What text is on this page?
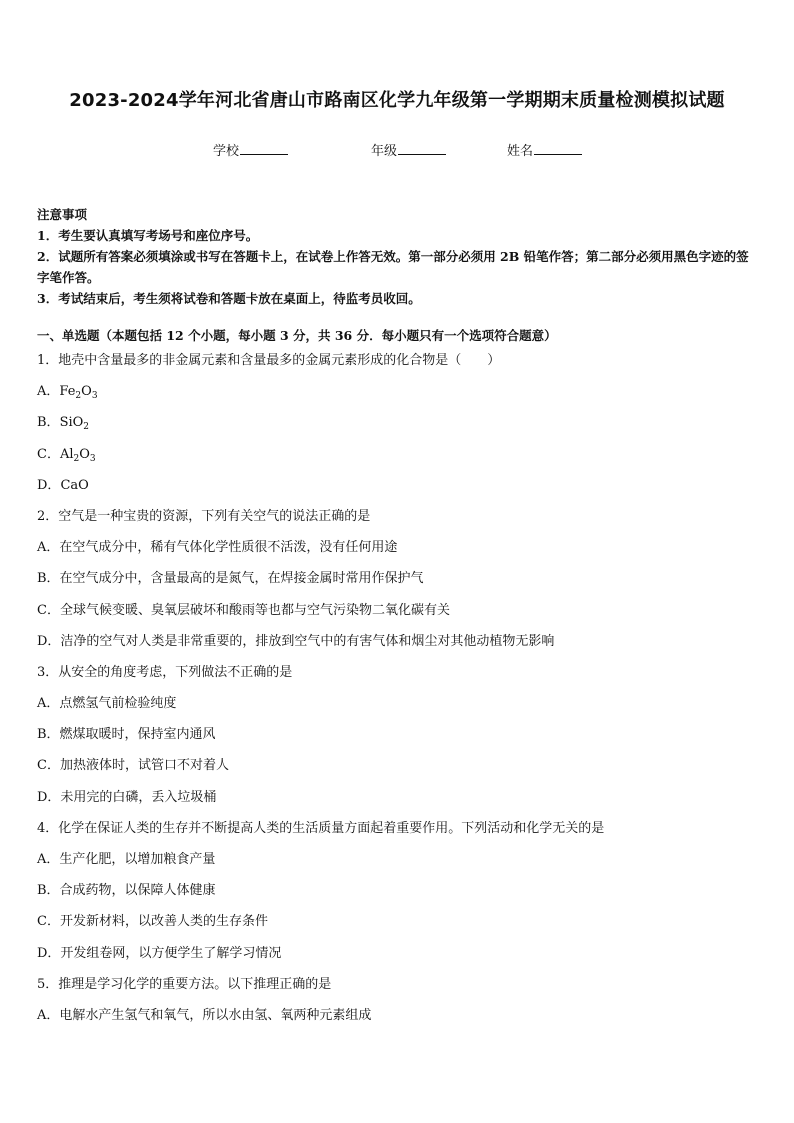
2023-2024学年河北省唐山市路南区化学九年级第一学期期末质量检测模拟试题
学校	年级	姓名
注意事项
1．考生要认真填写考场号和座位序号。
2．试题所有答案必须填涂或书写在答题卡上，在试卷上作答无效。第一部分必须用 2B 铅笔作答；第二部分必须用黑色字迹的签字笔作答。
3．考试结束后，考生须将试卷和答题卡放在桌面上，待监考员收回。
一、单选题（本题包括 12 个小题，每小题 3 分，共 36 分．每小题只有一个选项符合题意）
1．地壳中含量最多的非金属元素和含量最多的金属元素形成的化合物是（　　）
A．$Fe_2O_3$
B．SiO$_2$
C．$Al_2O_3$
D．CaO
2．空气是一种宝贵的资源，下列有关空气的说法正确的是
A．在空气成分中，稀有气体化学性质很不活泼，没有任何用途
B．在空气成分中，含量最高的是氮气，在焊接金属时常用作保护气
C．全球气候变暖、臭氧层破坏和酸雨等也都与空气污染物二氧化碳有关
D．洁净的空气对人类是非常重要的，排放到空气中的有害气体和烟尘对其他动植物无影响
3．从安全的角度考虑，下列做法不正确的是
A．点燃氢气前检验纯度
B．燃煤取暖时，保持室内通风
C．加热液体时，试管口不对着人
D．未用完的白磷，丢入垃圾桶
4．化学在保证人类的生存并不断提高人类的生活质量方面起着重要作用。下列活动和化学无关的是
A．生产化肥，以增加粮食产量
B．合成药物，以保障人体健康
C．开发新材料，以改善人类的生存条件
D．开发组卷网，以方便学生了解学习情况
5．推理是学习化学的重要方法。以下推理正确的是
A．电解水产生氢气和氧气，所以水由氢、氧两种元素组成
